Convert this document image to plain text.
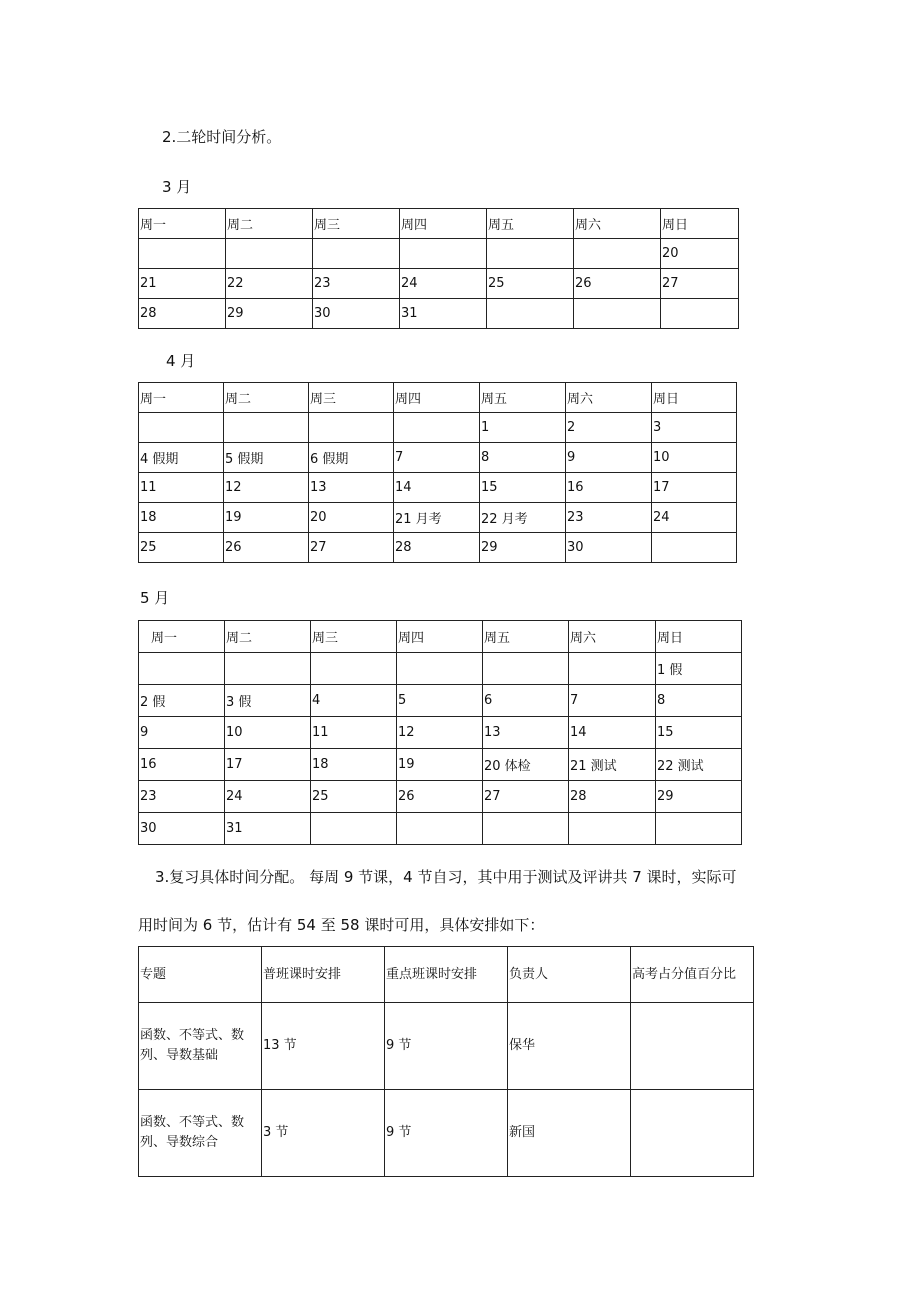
2.二轮时间分析。
3 月
周一	周二	周三	周四	周五	周六	周日
						20
21	22	23	24	25	26	27
28	29	30	31			
4 月
周一	周二	周三	周四	周五	周六	周日
				1	2	3
4 假期	5 假期	6 假期	7	8	9	10
11	12	13	14	15	16	17
18	19	20	21 月考	22 月考	23	24
25	26	27	28	29	30	
5 月
周一	周二	周三	周四	周五	周六	周日
						1 假
2 假	3 假	4	5	6	7	8
9	10	11	12	13	14	15
16	17	18	19	20 体检	21 测试	22 测试
23	24	25	26	27	28	29
30	31					
3.复习具体时间分配。 每周 9 节课，4 节自习，其中用于测试及评讲共 7 课时，实际可
用时间为 6 节，估计有 54 至 58 课时可用，具体安排如下：
专题	普班课时安排	重点班课时安排	负责人	高考占分值百分比
函数、不等式、数列、导数基础	13 节	9 节	保华	
函数、不等式、数列、导数综合	3 节	9 节	新国	
